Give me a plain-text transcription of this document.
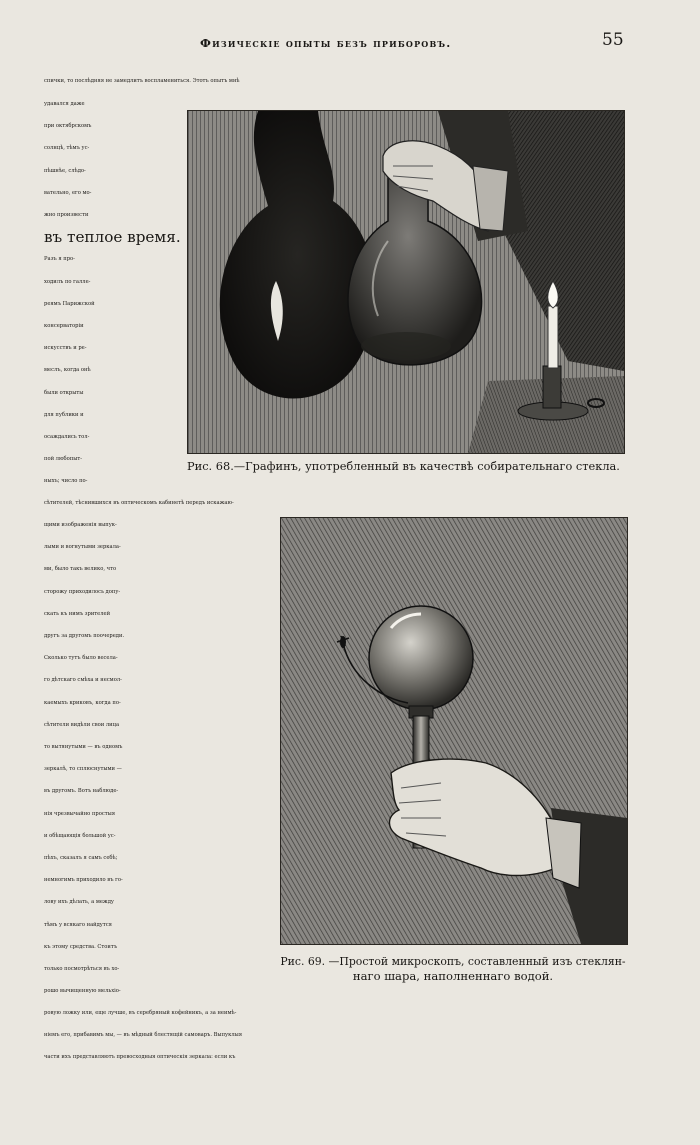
Физическіе опыты безъ приборовъ.	55
спички, то послѣдняя не замедлитъ воспламениться. Этотъ опытъ мнѣ
удавался даже
при октябрскомъ
солнцѣ, тѣмъ ус-
пѣшнѣе, слѣдо-
вательно, его мо-
жно произвести
въ теплое время.
Разъ я про-
ходилъ по галле-
реямъ Парижской
консерваторіи
искусствъ и ре-
меслъ, когда онѣ
были открыты
для публики и
осаждались тол-
пой любопыт-
ныхъ; число по-
сѣтителей, тѣснившихся въ оптическомъ кабинетѣ передъ искажаю-
щими изображенія выпук-
лыми и вогнутыми зеркала-
ми, было такъ велико, что
сторожу приходилось допу-
скать къ нимъ зрителей
другъ за другомъ поочереди.
Сколько тутъ было весела-
го дѣтскаго смѣха и несмол-
каемыхъ криковъ, когда по-
сѣтители видѣли свои лица
то вытянутыми — въ одномъ
зеркалѣ, то сплюснутыми —
въ другомъ. Вотъ наблюде-
нія чрезвычайно простыя
и обѣщающія большой ус-
пѣхъ, сказалъ я самъ себѣ;
немногимъ приходило въ го-
лову ихъ дѣлать, а между
тѣмъ у всякаго найдутся
къ этому средства. Стоитъ
только посмотрѣться въ хо-
рошо вычищенную мельхіо-
ровую ложку или, еще лучше, въ серебряный кофейникъ, а за неимѣ-
ніемъ его, прибавимъ мы, — въ мѣдный блестящій самоваръ. Выпуклыя
части ихъ представляютъ превосходныя оптическія зеркала: если къ
Рис. 68.—Графинъ, употребленный въ качествѣ собирательнаго стекла.
Рис. 69. —Простой микроскопъ, составленный изъ стеклян-
наго шара, наполненнаго водой.
